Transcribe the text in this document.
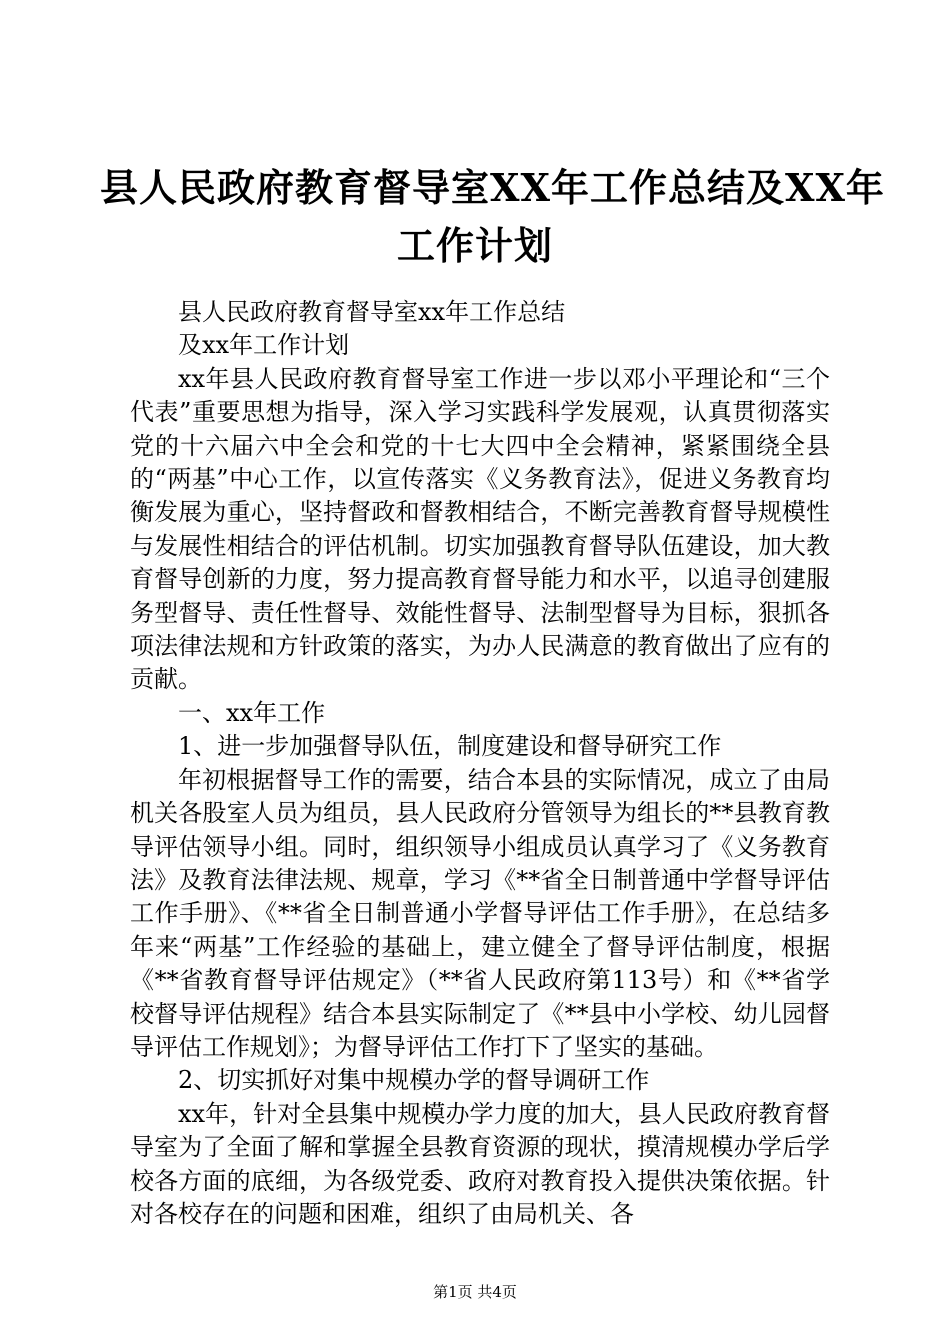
县人民政府教育督导室XX年工作总结及XX年
工作计划

县人民政府教育督导室xx年工作总结

及xx年工作计划

xx年县人民政府教育督导室工作进一步以邓小平理论和“三个代表”重要思想为指导，深入学习实践科学发展观，认真贯彻落实党的十六届六中全会和党的十七大四中全会精神，紧紧围绕全县的“两基”中心工作，以宣传落实《义务教育法》，促进义务教育均衡发展为重心，坚持督政和督教相结合，不断完善教育督导规模性与发展性相结合的评估机制。切实加强教育督导队伍建设，加大教育督导创新的力度，努力提高教育督导能力和水平，以追寻创建服务型督导、责任性督导、效能性督导、法制型督导为目标，狠抓各项法律法规和方针政策的落实，为办人民满意的教育做出了应有的贡献。

一、xx年工作

1、进一步加强督导队伍，制度建设和督导研究工作

年初根据督导工作的需要，结合本县的实际情况，成立了由局机关各股室人员为组员，县人民政府分管领导为组长的**县教育教导评估领导小组。同时，组织领导小组成员认真学习了《义务教育法》及教育法律法规、规章，学习《**省全日制普通中学督导评估工作手册》、《**省全日制普通小学督导评估工作手册》，在总结多年来“两基”工作经验的基础上，建立健全了督导评估制度，根据《**省教育督导评估规定》（**省人民政府第113号）和《**省学校督导评估规程》结合本县实际制定了《**县中小学校、幼儿园督导评估工作规划》；为督导评估工作打下了坚实的基础。

2、切实抓好对集中规模办学的督导调研工作

xx年，针对全县集中规模办学力度的加大，县人民政府教育督导室为了全面了解和掌握全县教育资源的现状，摸清规模办学后学校各方面的底细，为各级党委、政府对教育投入提供决策依据。针对各校存在的问题和困难，组织了由局机关、各

第1页 共4页
